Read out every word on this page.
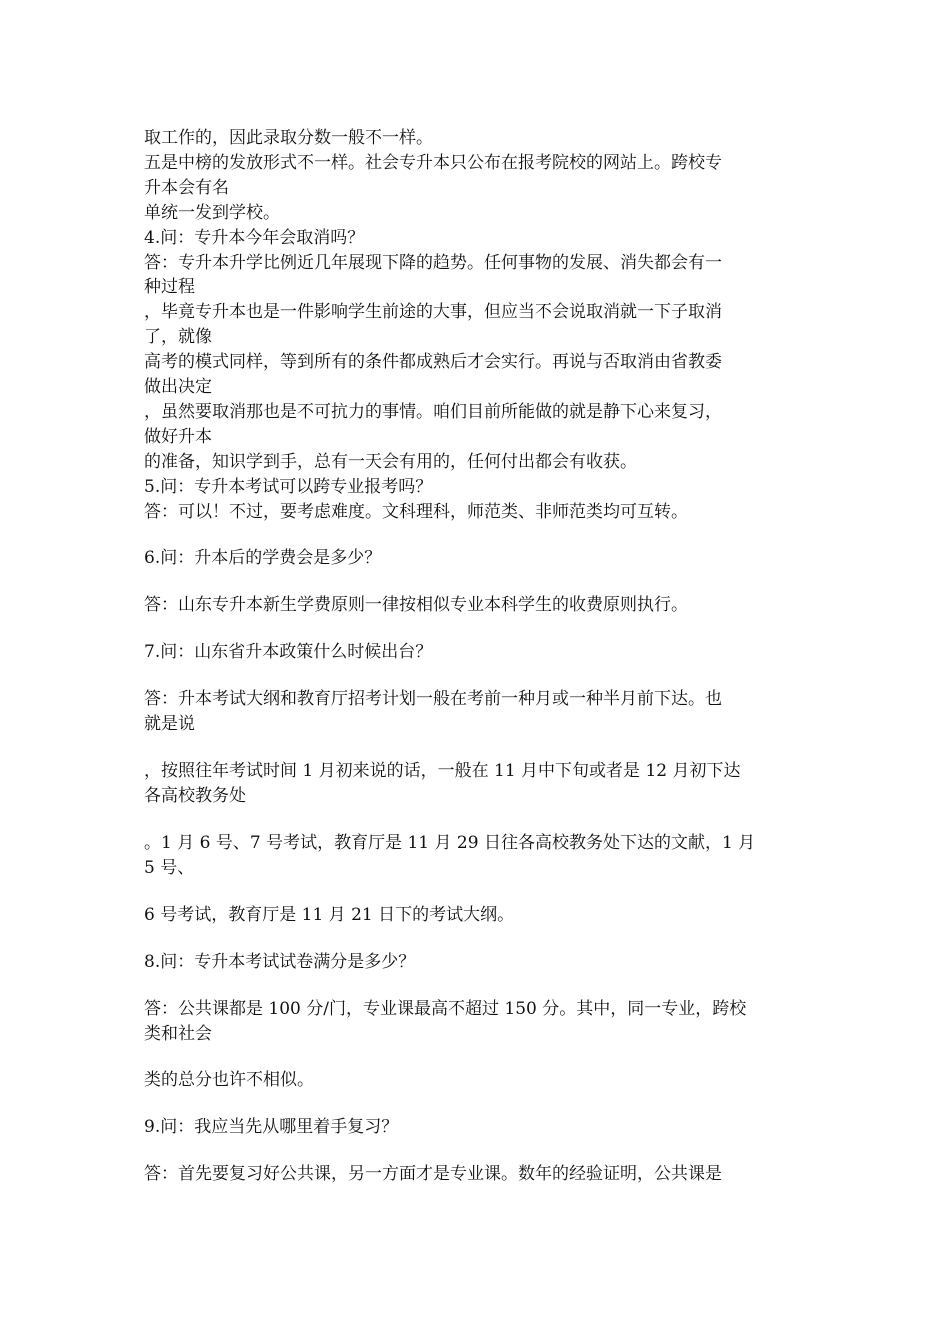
取工作的，因此录取分数一般不一样。
五是中榜的发放形式不一样。社会专升本只公布在报考院校的网站上。跨校专
升本会有名
单统一发到学校。
4.问：专升本今年会取消吗？
答：专升本升学比例近几年展现下降的趋势。任何事物的发展、消失都会有一
种过程
，毕竟专升本也是一件影响学生前途的大事，但应当不会说取消就一下子取消
了，就像
高考的模式同样，等到所有的条件都成熟后才会实行。再说与否取消由省教委
做出决定
，虽然要取消那也是不可抗力的事情。咱们目前所能做的就是静下心来复习，
做好升本
的准备，知识学到手，总有一天会有用的，任何付出都会有收获。
5.问：专升本考试可以跨专业报考吗？
答：可以！不过，要考虑难度。文科理科，师范类、非师范类均可互转。
6.问：升本后的学费会是多少？
答：山东专升本新生学费原则一律按相似专业本科学生的收费原则执行。
7.问：山东省升本政策什么时候出台？
答：升本考试大纲和教育厅招考计划一般在考前一种月或一种半月前下达。也
就是说
，按照往年考试时间 1 月初来说的话，一般在 11 月中下旬或者是 12 月初下达
各高校教务处
。1 月 6 号、7 号考试，教育厅是 11 月 29 日往各高校教务处下达的文献，1 月
5 号、
6 号考试，教育厅是 11 月 21 日下的考试大纲。
8.问：专升本考试试卷满分是多少？
答：公共课都是 100 分/门，专业课最高不超过 150 分。其中，同一专业，跨校
类和社会
类的总分也许不相似。
9.问：我应当先从哪里着手复习？
答：首先要复习好公共课，另一方面才是专业课。数年的经验证明，公共课是
